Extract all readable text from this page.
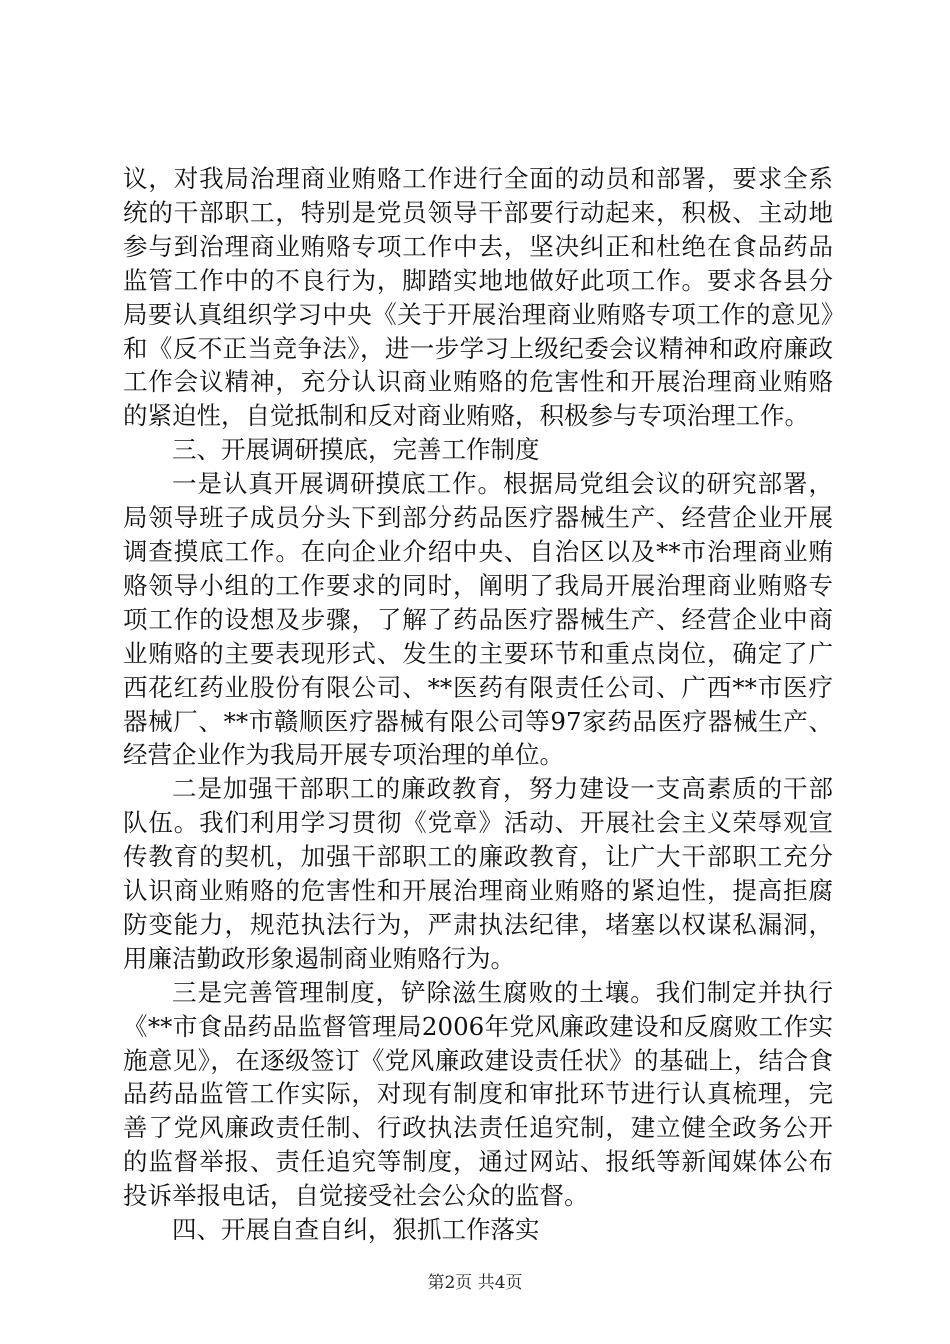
议，对我局治理商业贿赂工作进行全面的动员和部署，要求全系统的干部职工，特别是党员领导干部要行动起来，积极、主动地参与到治理商业贿赂专项工作中去，坚决纠正和杜绝在食品药品监管工作中的不良行为，脚踏实地地做好此项工作。要求各县分局要认真组织学习中央《关于开展治理商业贿赂专项工作的意见》和《反不正当竞争法》，进一步学习上级纪委会议精神和政府廉政工作会议精神，充分认识商业贿赂的危害性和开展治理商业贿赂的紧迫性，自觉抵制和反对商业贿赂，积极参与专项治理工作。

三、开展调研摸底，完善工作制度

一是认真开展调研摸底工作。根据局党组会议的研究部署，局领导班子成员分头下到部分药品医疗器械生产、经营企业开展调查摸底工作。在向企业介绍中央、自治区以及**市治理商业贿赂领导小组的工作要求的同时，阐明了我局开展治理商业贿赂专项工作的设想及步骤，了解了药品医疗器械生产、经营企业中商业贿赂的主要表现形式、发生的主要环节和重点岗位，确定了广西花红药业股份有限公司、**医药有限责任公司、广西**市医疗器械厂、**市赣顺医疗器械有限公司等97家药品医疗器械生产、经营企业作为我局开展专项治理的单位。

二是加强干部职工的廉政教育，努力建设一支高素质的干部队伍。我们利用学习贯彻《党章》活动、开展社会主义荣辱观宣传教育的契机，加强干部职工的廉政教育，让广大干部职工充分认识商业贿赂的危害性和开展治理商业贿赂的紧迫性，提高拒腐防变能力，规范执法行为，严肃执法纪律，堵塞以权谋私漏洞，用廉洁勤政形象遏制商业贿赂行为。

三是完善管理制度，铲除滋生腐败的土壤。我们制定并执行《**市食品药品监督管理局2006年党风廉政建设和反腐败工作实施意见》，在逐级签订《党风廉政建设责任状》的基础上，结合食品药品监管工作实际，对现有制度和审批环节进行认真梳理，完善了党风廉政责任制、行政执法责任追究制，建立健全政务公开的监督举报、责任追究等制度，通过网站、报纸等新闻媒体公布投诉举报电话，自觉接受社会公众的监督。

四、开展自查自纠，狠抓工作落实

第2页 共4页
